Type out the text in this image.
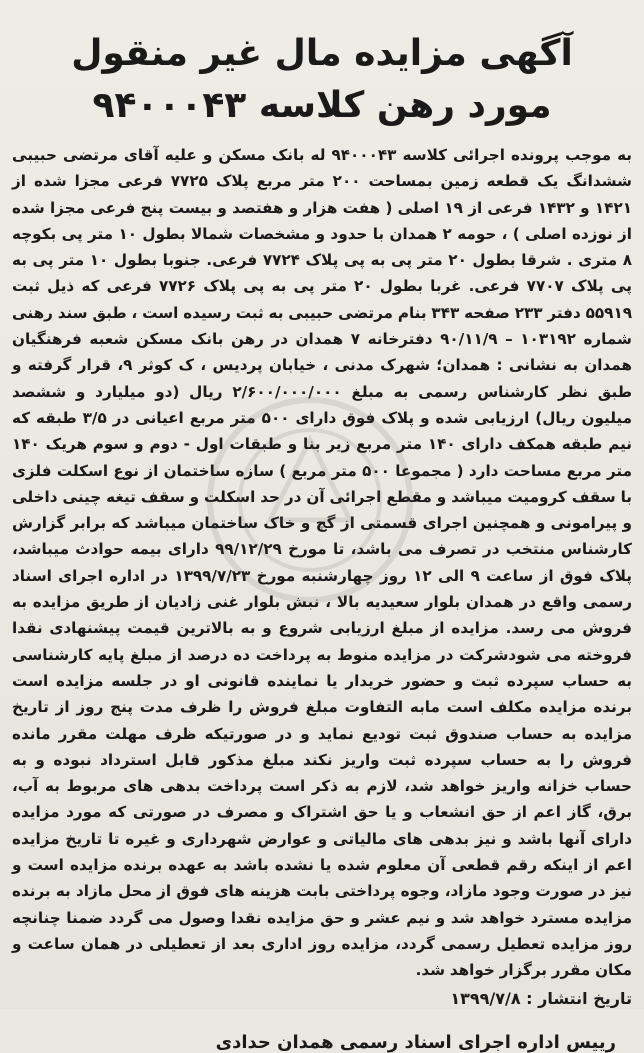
آگهی مزایده مال غیر منقول
مورد رهن کلاسه ۹۴۰۰۰۴۳
به موجب پرونده اجرائی کلاسه ۹۴۰۰۰۴۳ له بانک مسکن و علیه آقای مرتضی حبیبی ششدانگ یک قطعه زمین بمساحت ۲۰۰ متر مربع پلاک ۷۷۲۵ فرعی مجزا شده از ۱۴۲۱ و ۱۴۳۲ فرعی از ۱۹ اصلی ( هفت هزار و هفتصد و بیست پنج فرعی مجزا شده از نوزده اصلی ) ، حومه ۲ همدان با حدود و مشخصات شمالا بطول ۱۰ متر پی بکوچه ۸ متری . شرقا بطول ۲۰ متر پی به پی پلاک ۷۷۲۴ فرعی. جنوبا بطول ۱۰ متر پی به پی پلاک ۷۷۰۷ فرعی. غربا بطول ۲۰ متر پی به پی پلاک ۷۷۲۶ فرعی که ذیل ثبت ۵۵۹۱۹ دفتر ۲۳۳ صفحه ۳۴۳ بنام مرتضی حبیبی به ثبت رسیده است ، طبق سند رهنی شماره ۱۰۳۱۹۲ – ۹۰/۱۱/۹ دفترخانه ۷ همدان در رهن بانک مسکن شعبه فرهنگیان همدان به نشانی : همدان؛ شهرک مدنی ، خیابان پردیس ، ک کوثر ۹، قرار گرفته و طبق نظر کارشناس رسمی به مبلغ ۲/۶۰۰/۰۰۰/۰۰۰ ریال (دو میلیارد و ششصد میلیون ریال) ارزیابی شده و پلاک فوق دارای ۵۰۰ متر مربع اعیانی در ۳/۵ طبقه که نیم طبقه همکف دارای ۱۴۰ متر مربع زیر بنا و طبقات اول - دوم و سوم هریک ۱۴۰ متر مربع مساحت دارد ( مجموعا ۵۰۰ متر مربع ) سازه ساختمان از نوع اسکلت فلزی با سقف کرومیت میباشد و مقطع اجرائی آن در حد اسکلت و سقف تیغه چینی داخلی و پیرامونی و همچنین اجرای قسمتی از گچ و خاک ساختمان میباشد که برابر گزارش کارشناس منتخب در تصرف می باشد، تا مورخ ۹۹/۱۲/۲۹ دارای بیمه حوادث میباشد، پلاک فوق از ساعت ۹ الی ۱۲ روز چهارشنبه مورخ ۱۳۹۹/۷/۲۳ در اداره اجرای اسناد رسمی واقع در همدان بلوار سعیدیه بالا ، نبش بلوار غنی زادیان از طریق مزایده به فروش می رسد. مزایده از مبلغ ارزیابی شروع و به بالاترین قیمت پیشنهادی نقدا فروخته می شودشرکت در مزایده منوط به پرداخت ده درصد از مبلغ پایه کارشناسی به حساب سپرده ثبت و حضور خریدار یا نماینده قانونی او در جلسه مزایده است برنده مزایده مکلف است مابه التفاوت مبلغ فروش را ظرف مدت پنج روز از تاریخ مزایده به حساب صندوق ثبت تودیع نماید و در صورتیکه ظرف مهلت مقرر مانده فروش را به حساب سپرده ثبت واریز نکند مبلغ مذکور قابل استرداد نبوده و به حساب خزانه واریز خواهد شد، لازم به ذکر است پرداخت بدهی های مربوط به آب، برق، گاز اعم از حق انشعاب و یا حق اشتراک و مصرف در صورتی که مورد مزایده دارای آنها باشد و نیز بدهی های مالیاتی و عوارض شهرداری و غیره تا تاریخ مزایده اعم از اینکه رقم قطعی آن معلوم شده یا نشده باشد به عهده برنده مزایده است و نیز در صورت وجود مازاد، وجوه پرداختی بابت هزینه های فوق از محل مازاد به برنده مزایده مسترد خواهد شد و نیم عشر و حق مزایده نقدا وصول می گردد ضمنا چنانچه روز مزایده تعطیل رسمی گردد، مزایده روز اداری بعد از تعطیلی در همان ساعت و مکان مقرر برگزار خواهد شد.
تاریخ انتشار : ۱۳۹۹/۷/۸
رییس اداره اجرای اسناد رسمی همدان حدادی
